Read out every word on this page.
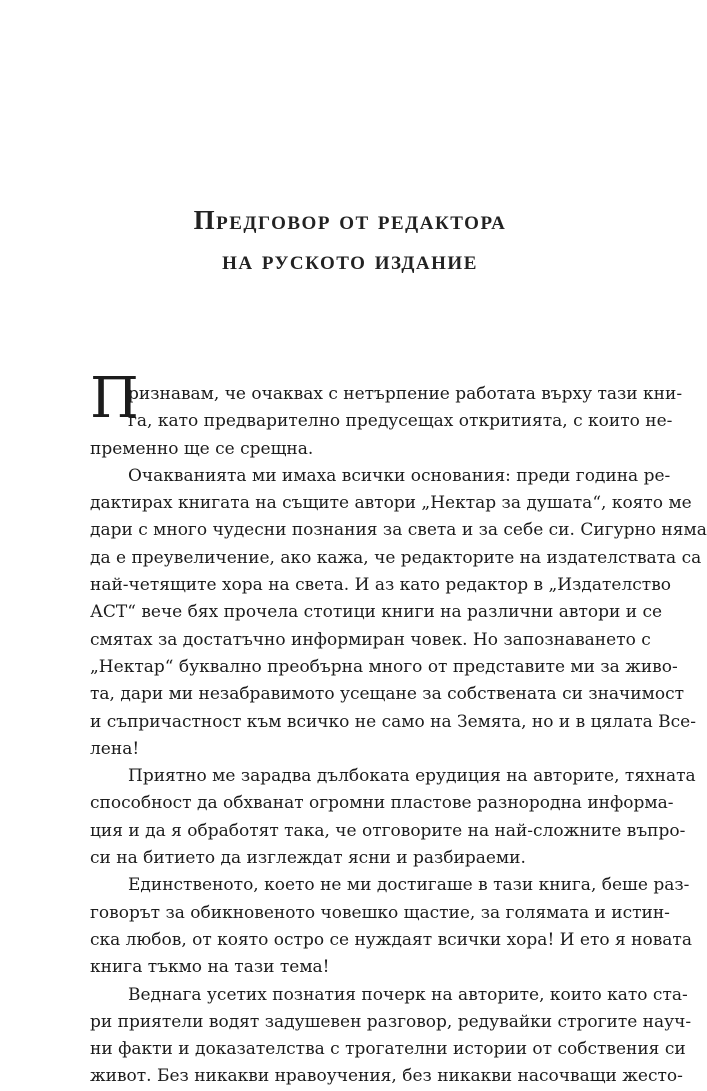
Предговор от редактора
на руското издание
П
ризнавам, че очаквах с нетърпение работата върху тази кни-
га, като предварително предусещах откритията, с които не-
пременно ще се срещна.
Очакванията ми имаха всички основания: преди година ре-
дактирах книгата на същите автори „Нектар за душата“, която ме
дари с много чудесни познания за света и за себе си. Сигурно няма
да е преувеличение, ако кажа, че редакторите на издателствата са
най-четящите хора на света. И аз като редактор в „Издателство
АСТ“ вече бях прочела стотици книги на различни автори и се
смятах за достатъчно информиран човек. Но запознаването с
„Нектар“ буквално преобърна много от представите ми за живо-
та, дари ми незабравимото усещане за собствената си значимост
и съпричастност към всичко не само на Земята, но и в цялата Все-
лена!
Приятно ме зарадва дълбоката ерудиция на авторите, тяхната
способност да обхванат огромни пластове разнородна информа-
ция и да я обработят така, че отговорите на най-сложните въпро-
си на битието да изглеждат ясни и разбираеми.
Единственото, което не ми достигаше в тази книга, беше раз-
говорът за обикновеното човешко щастие, за голямата и истин-
ска любов, от която остро се нуждаят всички хора! И ето я новата
книга тъкмо на тази тема!
Веднага усетих познатия почерк на авторите, които като ста-
ри приятели водят задушевен разговор, редувайки строгите науч-
ни факти и доказателства с трогателни истории от собствения си
живот. Без никакви нравоучения, без никакви насочващи жесто-
